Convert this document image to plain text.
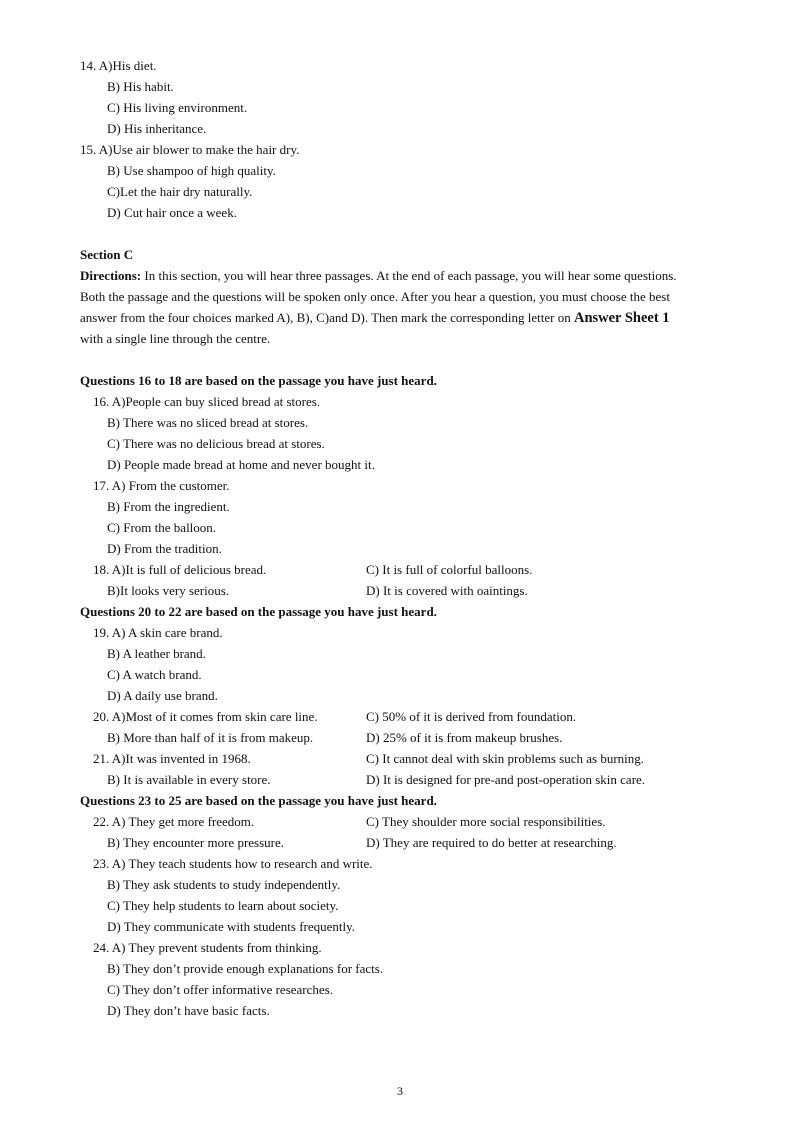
14. A)His diet.
B) His habit.
C) His living environment.
D) His inheritance.
15. A)Use air blower to make the hair dry.
B) Use shampoo of high quality.
C)Let the hair dry naturally.
D) Cut hair once a week.
Section C
Directions: In this section, you will hear three passages. At the end of each passage, you will hear some questions.
Both the passage and the questions will be spoken only once. After you hear a question, you must choose the best
answer from the four choices marked A), B), C)and D). Then mark the corresponding letter on Answer Sheet 1
with a single line through the centre.
Questions 16 to 18 are based on the passage you have just heard.
16. A)People can buy sliced bread at stores.
B) There was no sliced bread at stores.
C) There was no delicious bread at stores.
D) People made bread at home and never bought it.
17. A) From the customer.
B) From the ingredient.
C) From the balloon.
D) From the tradition.
18. A)It is full of delicious bread.	C) It is full of colorful balloons.
B)It looks very serious.	D) It is covered with oaintings.
Questions 20 to 22 are based on the passage you have just heard.
19. A) A skin care brand.
B) A leather brand.
C) A watch brand.
D) A daily use brand.
20. A)Most of it comes from skin care line.	C) 50% of it is derived from foundation.
B) More than half of it is from makeup.	D) 25% of it is from makeup brushes.
21. A)It was invented in 1968.	C) It cannot deal with skin problems such as burning.
B) It is available in every store.	D) It is designed for pre-and post-operation skin care.
Questions 23 to 25 are based on the passage you have just heard.
22. A) They get more freedom.	C) They shoulder more social responsibilities.
B) They encounter more pressure.	D) They are required to do better at researching.
23. A) They teach students how to research and write.
B) They ask students to study independently.
C) They help students to learn about society.
D) They communicate with students frequently.
24. A) They prevent students from thinking.
B) They don’t provide enough explanations for facts.
C) They don’t offer informative researches.
D) They don’t have basic facts.
3
